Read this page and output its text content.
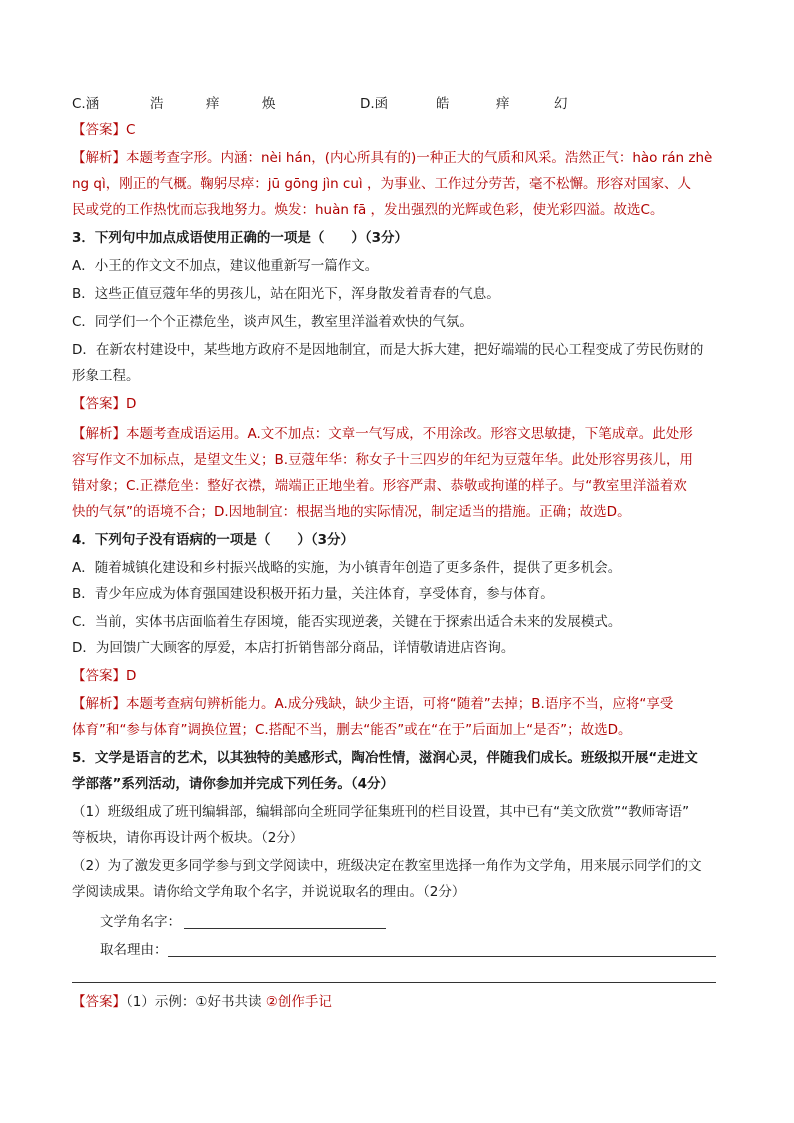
C.涵	浩	痒	焕	D.函	皓	痒	幻
【答案】C
【解析】本题考查字形。内涵：nèi hán，(内心所具有的)一种正大的气质和风采。浩然正气：hào rán zhè
ng qì，刚正的气概。鞠躬尽瘁：jū gōng jìn cuì ，为事业、工作过分劳苦，毫不松懈。形容对国家、人
民或党的工作热忱而忘我地努力。焕发：huàn fā ，发出强烈的光辉或色彩，使光彩四溢。故选C。
3．下列句中加点成语使用正确的一项是（　　）（3分）
A．小王的作文文不加点，建议他重新写一篇作文。
B．这些正值豆蔻年华的男孩儿，站在阳光下，浑身散发着青春的气息。
C．同学们一个个正襟危坐，谈声风生，教室里洋溢着欢快的气氛。
D．在新农村建设中，某些地方政府不是因地制宜，而是大拆大建，把好端端的民心工程变成了劳民伤财的
形象工程。
【答案】D
【解析】本题考查成语运用。A.文不加点：文章一气写成，不用涂改。形容文思敏捷，下笔成章。此处形
容写作文不加标点，是望文生义；B.豆蔻年华：称女子十三四岁的年纪为豆蔻年华。此处形容男孩儿，用
错对象；C.正襟危坐：整好衣襟，端端正正地坐着。形容严肃、恭敬或拘谨的样子。与“教室里洋溢着欢
快的气氛”的语境不合；D.因地制宜：根据当地的实际情况，制定适当的措施。正确；故选D。
4．下列句子没有语病的一项是（　　）（3分）
A．随着城镇化建设和乡村振兴战略的实施，为小镇青年创造了更多条件，提供了更多机会。
B．青少年应成为体育强国建设积极开拓力量，关注体育，享受体育，参与体育。
C．当前，实体书店面临着生存困境，能否实现逆袭，关键在于探索出适合未来的发展模式。
D．为回馈广大顾客的厚爱，本店打折销售部分商品，详情敬请进店咨询。
【答案】D
【解析】本题考查病句辨析能力。A.成分残缺，缺少主语，可将“随着”去掉；B.语序不当，应将“享受
体育”和“参与体育”调换位置；C.搭配不当，删去“能否”或在“在于”后面加上“是否”；故选D。
5．文学是语言的艺术，以其独特的美感形式，陶冶性情，滋润心灵，伴随我们成长。班级拟开展“走进文
学部落”系列活动，请你参加并完成下列任务。（4分）
（1）班级组成了班刊编辑部，编辑部向全班同学征集班刊的栏目设置，其中已有“美文欣赏”“教师寄语”
等板块，请你再设计两个板块。（2分）
（2）为了激发更多同学参与到文学阅读中，班级决定在教室里选择一角作为文学角，用来展示同学们的文
学阅读成果。请你给文学角取个名字，并说说取名的理由。（2分）
文学角名字：
取名理由：
【答案】（1）示例：①好书共读 ②创作手记
